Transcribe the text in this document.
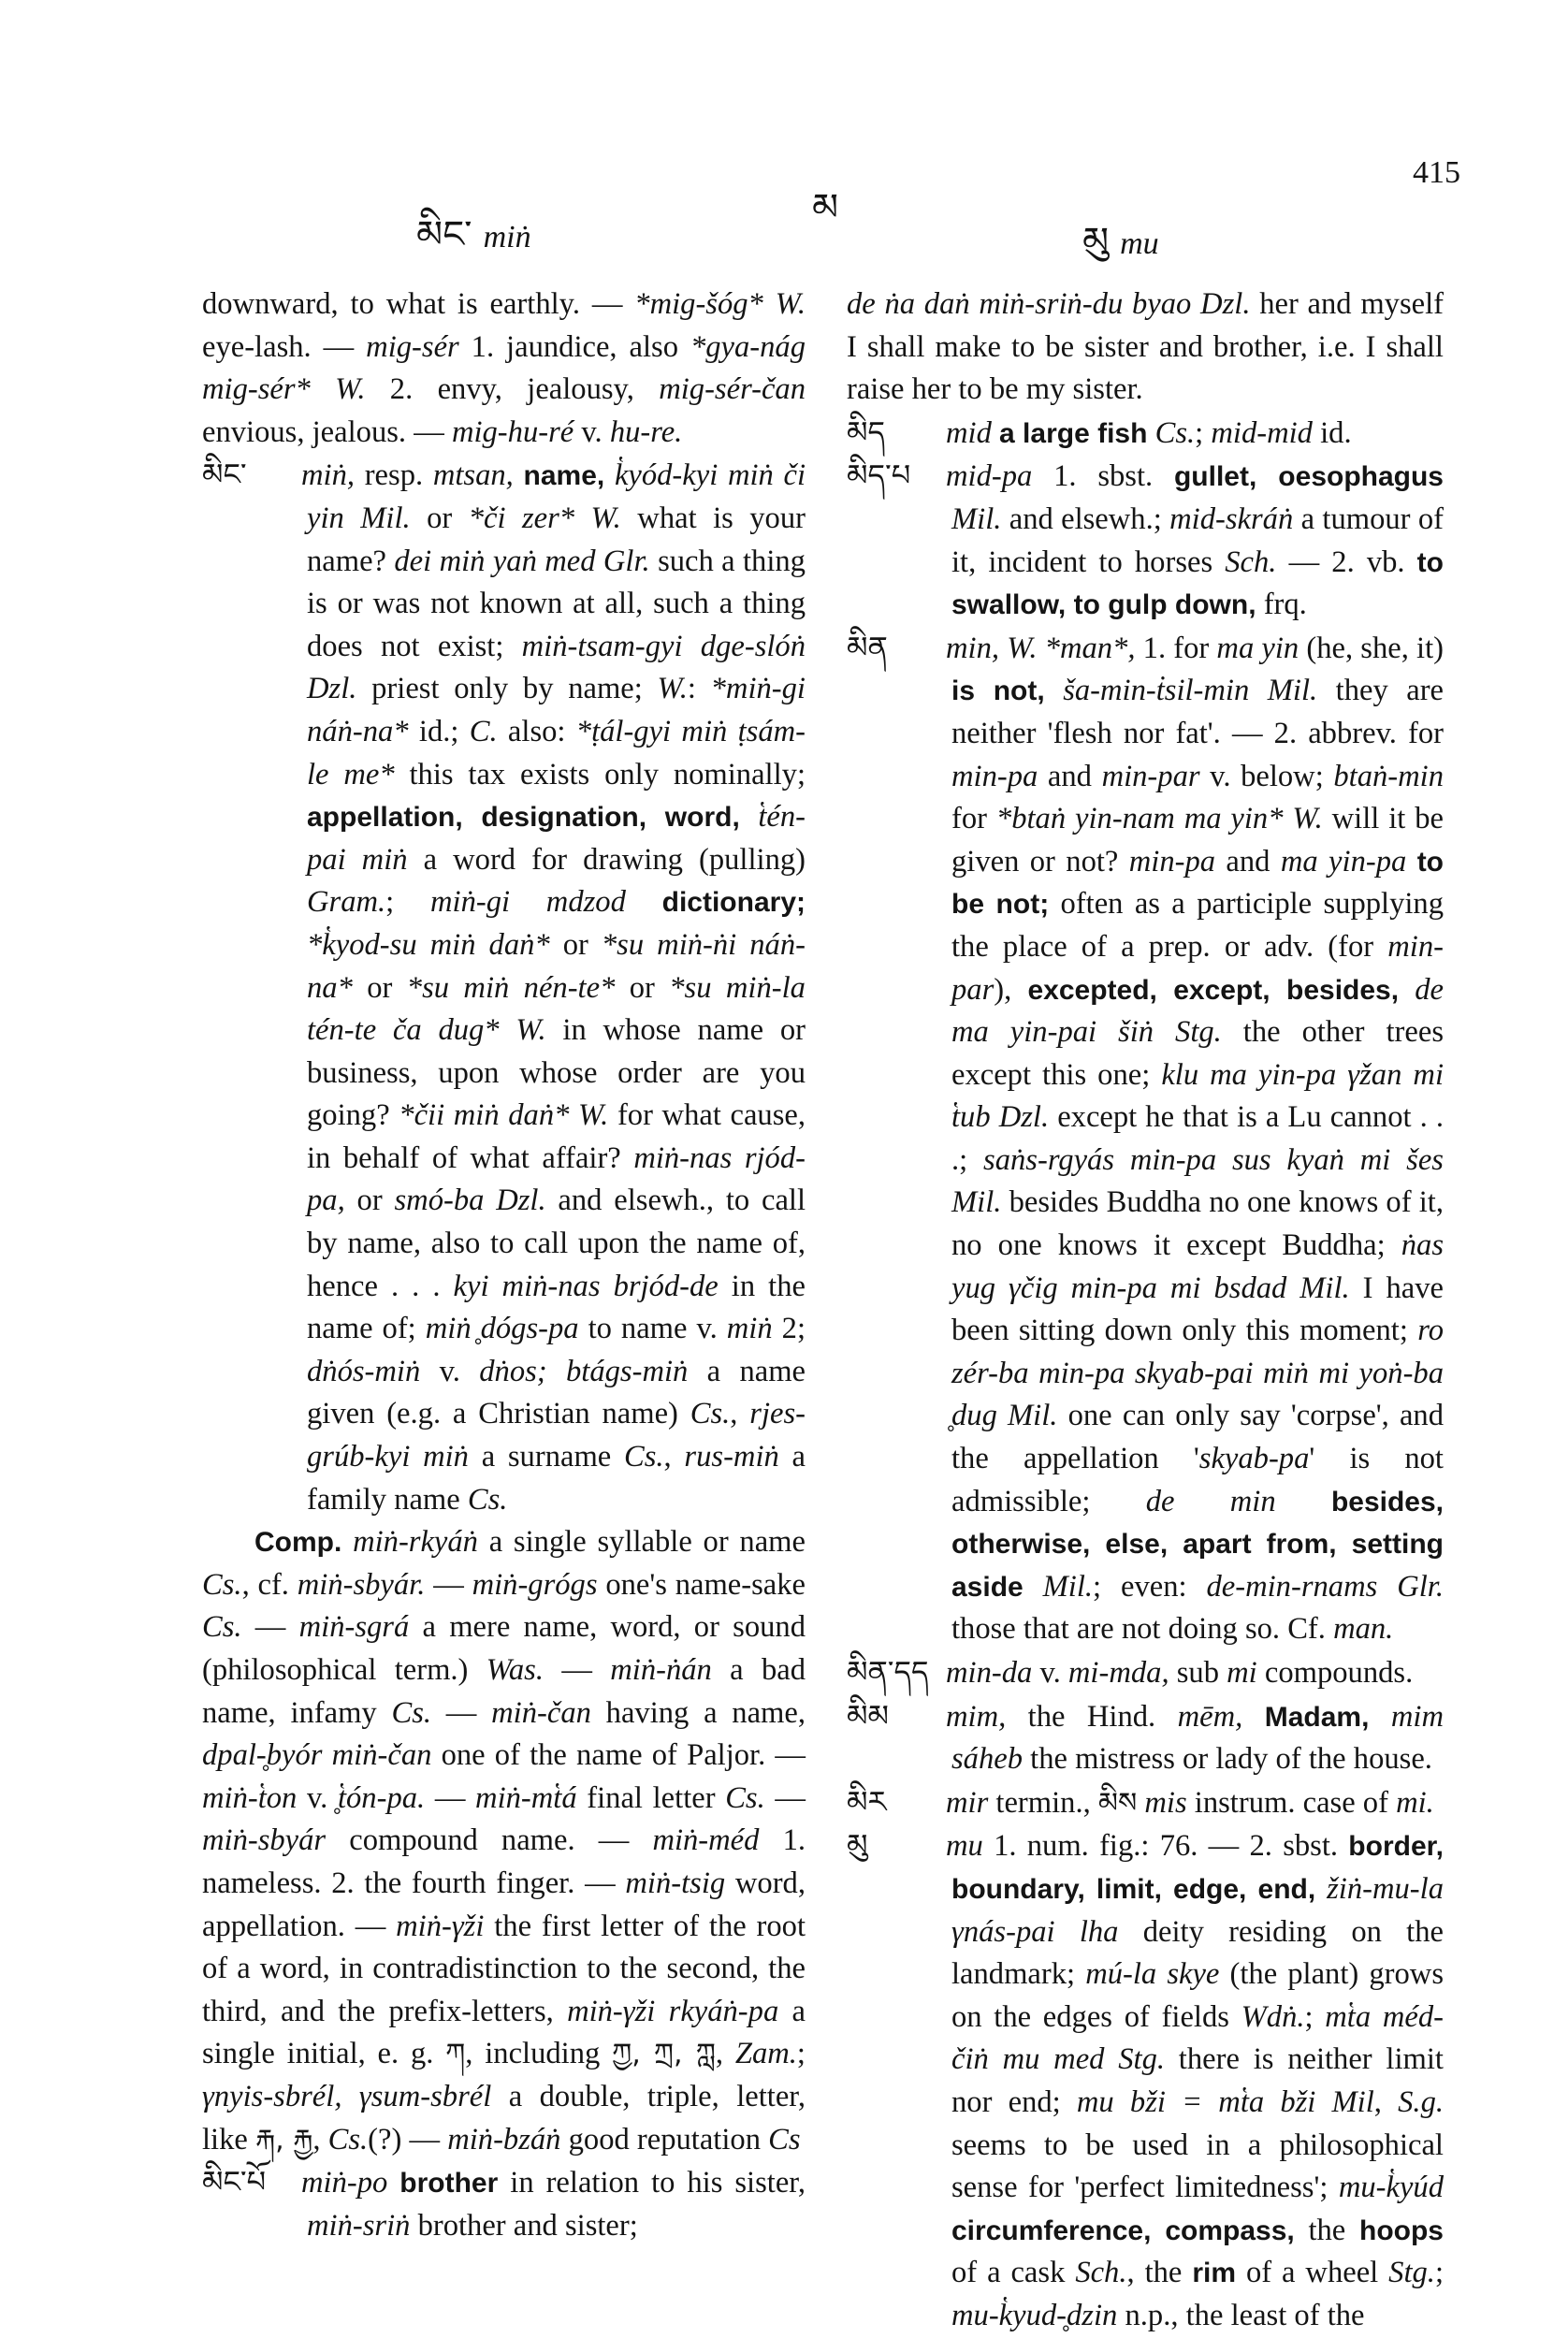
མིང་ miṅ
མ
མུ mu
415

downward, to what is earthly. — *mig-šóg* W. eye-lash. — mig-sér 1. jaundice, also *gya-nág mig-sér* W. 2. envy, jealousy, mig-sér-čan envious, jealous. — mig-hu-ré v. hu-re.

མིང་ miṅ, resp. mtsan, name, k̔yód-kyi miṅ či yin Mil. or *či zer* W. what is your name? dei miṅ yaṅ med Glr. such a thing is or was not known at all, such a thing does not exist; miṅ-tsam-gyi dge-slóṅ Dzl. priest only by name; W.: *miṅ-gi náṅ-na* id.; C. also: *ṭál-gyi miṅ ṭsám-le me* this tax exists only nominally; appellation, designation, word, t̔én-pai miṅ a word for drawing (pulling) Gram.; miṅ-gi mdzod dictionary; *k̔yod-su miṅ daṅ* or *su miṅ-ṅi náṅ-na* or *su miṅ nén-te* or *su miṅ-la tén-te ča dug* W. in whose name or business, upon whose order are you going? *čii miṅ daṅ* W. for what cause, in behalf of what affair? miṅ-nas rjód-pa, or smó-ba Dzl. and elsewh., to call by name, also to call upon the name of, hence . . . kyi miṅ-nas brjód-de in the name of; miṅ ̥dógs-pa to name v. miṅ 2; dṅós-miṅ v. dṅos; btágs-miṅ a name given (e.g. a Christian name) Cs., rjes-grúb-kyi miṅ a surname Cs., rus-miṅ a family name Cs.

Comp. miṅ-rkyáṅ a single syllable or name Cs., cf. miṅ-sbyár. — miṅ-grógs one's name-sake Cs. — miṅ-sgrá a mere name, word, or sound (philosophical term.) Was. — miṅ-ṅán a bad name, infamy Cs. — miṅ-čan having a name, dpal-̥byór miṅ-čan one of the name of Paljor. — miṅ-t̔on v. ̥t̔ón-pa. — miṅ-mt̔á final letter Cs. — miṅ-sbyár compound name. — miṅ-méd 1. nameless. 2. the fourth finger. — miṅ-tsig word, appellation. — miṅ-γži the first letter of the root of a word, in contradistinction to the second, the third, and the prefix-letters, miṅ-γži rkyáṅ-pa a single initial, e. g. ཀ, including ཀྱ, ཀྲ, ཀླ, Zam.; γnyis-sbrél, γsum-sbrél a double, triple, letter, like རྐ, རྐྱ, Cs.(?) — miṅ-bzáṅ good reputation Cs

མིང་པོ miṅ-po brother in relation to his sister, miṅ-sriṅ brother and sister;

de ṅa daṅ miṅ-sriṅ-du byao Dzl. her and myself I shall make to be sister and brother, i.e. I shall raise her to be my sister.

མིད mid a large fish Cs.; mid-mid id.

མིད་པ mid-pa 1. sbst. gullet, oesophagus Mil. and elsewh.; mid-skráṅ a tumour of it, incident to horses Sch. — 2. vb. to swallow, to gulp down, frq.

མིན min, W. *man*, 1. for ma yin (he, she, it) is not, ša-min-ṫsil-min Mil. they are neither 'flesh nor fat'. — 2. abbrev. for min-pa and min-par v. below; btaṅ-min for *btaṅ yin-nam ma yin* W. will it be given or not? min-pa and ma yin-pa to be not; often as a participle supplying the place of a prep. or adv. (for min-par), excepted, except, besides, de ma yin-pai šiṅ Stg. the other trees except this one; klu ma yin-pa γžan mi t̔ub Dzl. except he that is a Lu cannot . . .; saṅs-rgyás min-pa sus kyaṅ mi šes Mil. besides Buddha no one knows of it, no one knows it except Buddha; ṅas yug γčig min-pa mi bsdad Mil. I have been sitting down only this moment; ro zér-ba min-pa skyab-pai miṅ mi yoṅ-ba ̥dug Mil. one can only say 'corpse', and the appellation 'skyab-pa' is not admissible; de min besides, otherwise, else, apart from, setting aside Mil.; even: de-min-rnams Glr. those that are not doing so. Cf. man.

མིན་དད min-da v. mi-mda, sub mi compounds.

མིམ mim, the Hind. mēm, Madam, mim sáheb the mistress or lady of the house.

མིར mir termin., མིས mis instrum. case of mi.

མུ	mu 1. num. fig.: 76. — 2. sbst. border, boundary, limit, edge, end, žiṅ-mu-la γnás-pai lha deity residing on the landmark; mú-la skye (the plant) grows on the edges of fields Wdṅ.; mt̔a méd-čiṅ mu med Stg. there is neither limit nor end; mu bži = mt̔a bži Mil, S.g. seems to be used in a philosophical sense for 'perfect limitedness'; mu-k̔yúd circumference, compass, the hoops of a cask Sch., the rim of a wheel Stg.; mu-k̔yud-̥dzin n.p., the least of the
